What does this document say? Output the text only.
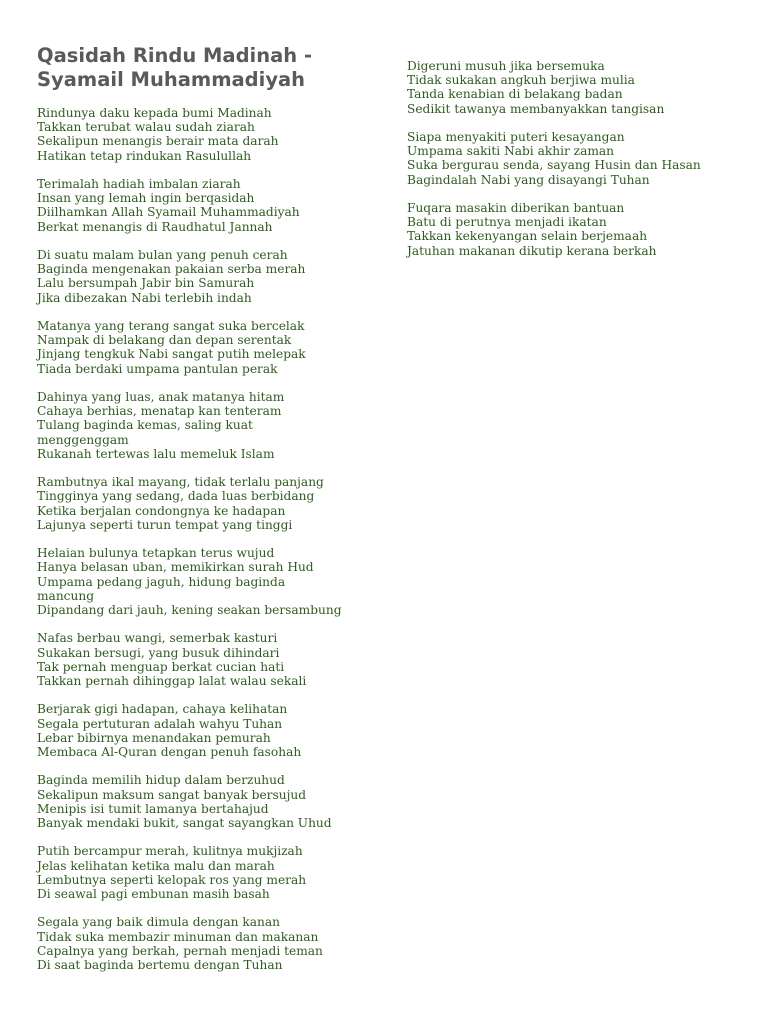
Qasidah Rindu Madinah -
Syamail Muhammadiyah
Rindunya daku kepada bumi Madinah
Takkan terubat walau sudah ziarah
Sekalipun menangis berair mata darah
Hatikan tetap rindukan Rasulullah
Terimalah hadiah imbalan ziarah
Insan yang lemah ingin berqasidah
Diilhamkan Allah Syamail Muhammadiyah
Berkat menangis di Raudhatul Jannah
Di suatu malam bulan yang penuh cerah
Baginda mengenakan pakaian serba merah
Lalu bersumpah Jabir bin Samurah
Jika dibezakan Nabi terlebih indah
Matanya yang terang sangat suka bercelak
Nampak di belakang dan depan serentak
Jinjang tengkuk Nabi sangat putih melepak
Tiada berdaki umpama pantulan perak
Dahinya yang luas, anak matanya hitam
Cahaya berhias, menatap kan tenteram
Tulang baginda kemas, saling kuat
menggenggam
Rukanah tertewas lalu memeluk Islam
Rambutnya ikal mayang, tidak terlalu panjang
Tingginya yang sedang, dada luas berbidang
Ketika berjalan condongnya ke hadapan
Lajunya seperti turun tempat yang tinggi
Helaian bulunya tetapkan terus wujud
Hanya belasan uban, memikirkan surah Hud
Umpama pedang jaguh, hidung baginda
mancung
Dipandang dari jauh, kening seakan bersambung
Nafas berbau wangi, semerbak kasturi
Sukakan bersugi, yang busuk dihindari
Tak pernah menguap berkat cucian hati
Takkan pernah dihinggap lalat walau sekali
Berjarak gigi hadapan, cahaya kelihatan
Segala pertuturan adalah wahyu Tuhan
Lebar bibirnya menandakan pemurah
Membaca Al-Quran dengan penuh fasohah
Baginda memilih hidup dalam berzuhud
Sekalipun maksum sangat banyak bersujud
Menipis isi tumit lamanya bertahajud
Banyak mendaki bukit, sangat sayangkan Uhud
Putih bercampur merah, kulitnya mukjizah
Jelas kelihatan ketika malu dan marah
Lembutnya seperti kelopak ros yang merah
Di seawal pagi embunan masih basah
Segala yang baik dimula dengan kanan
Tidak suka membazir minuman dan makanan
Capalnya yang berkah, pernah menjadi teman
Di saat baginda bertemu dengan Tuhan
Digeruni musuh jika bersemuka
Tidak sukakan angkuh berjiwa mulia
Tanda kenabian di belakang badan
Sedikit tawanya membanyakkan tangisan
Siapa menyakiti puteri kesayangan
Umpama sakiti Nabi akhir zaman
Suka bergurau senda, sayang Husin dan Hasan
Bagindalah Nabi yang disayangi Tuhan
Fuqara masakin diberikan bantuan
Batu di perutnya menjadi ikatan
Takkan kekenyangan selain berjemaah
Jatuhan makanan dikutip kerana berkah
